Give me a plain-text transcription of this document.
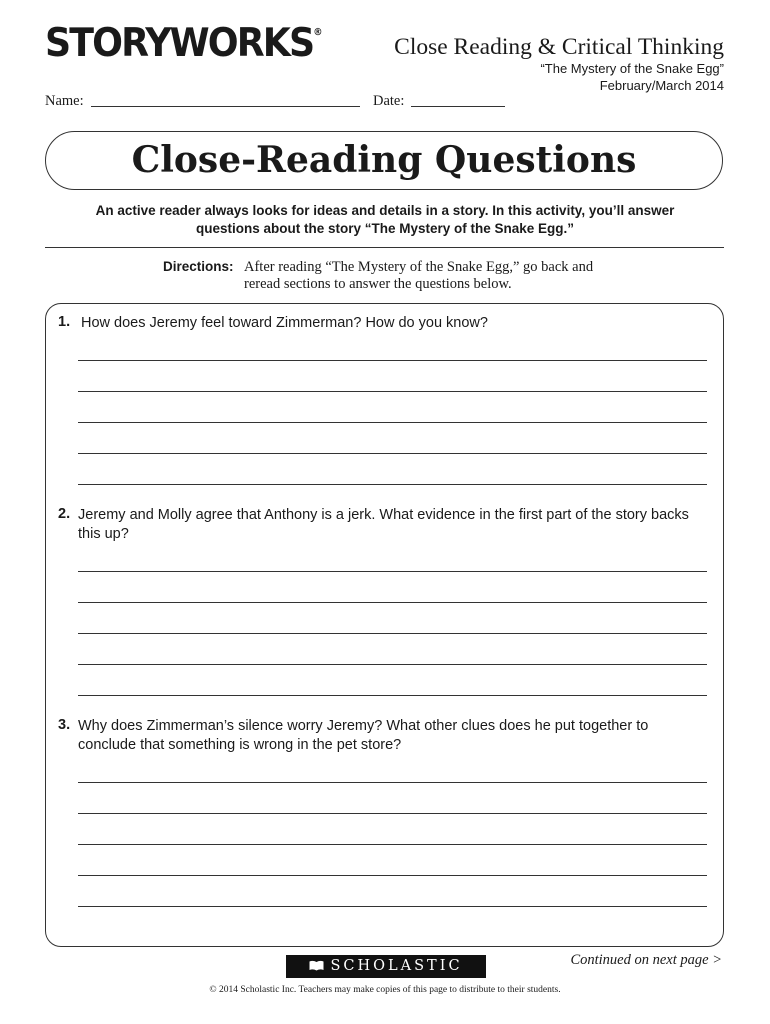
STORYWORKS®
Close Reading & Critical Thinking
“The Mystery of the Snake Egg”
February/March 2014
Name:	Date:
Close-Reading Questions
An active reader always looks for ideas and details in a story. In this activity, you’ll answer questions about the story “The Mystery of the Snake Egg.”
Directions: After reading “The Mystery of the Snake Egg,” go back and
reread sections to answer the questions below.
1. How does Jeremy feel toward Zimmerman? How do you know?
2. Jeremy and Molly agree that Anthony is a jerk. What evidence in the first part of the story backs this up?
3. Why does Zimmerman’s silence worry Jeremy? What other clues does he put together to conclude that something is wrong in the pet store?
SCHOLASTIC	Continued on next page >
© 2014 Scholastic Inc. Teachers may make copies of this page to distribute to their students.
